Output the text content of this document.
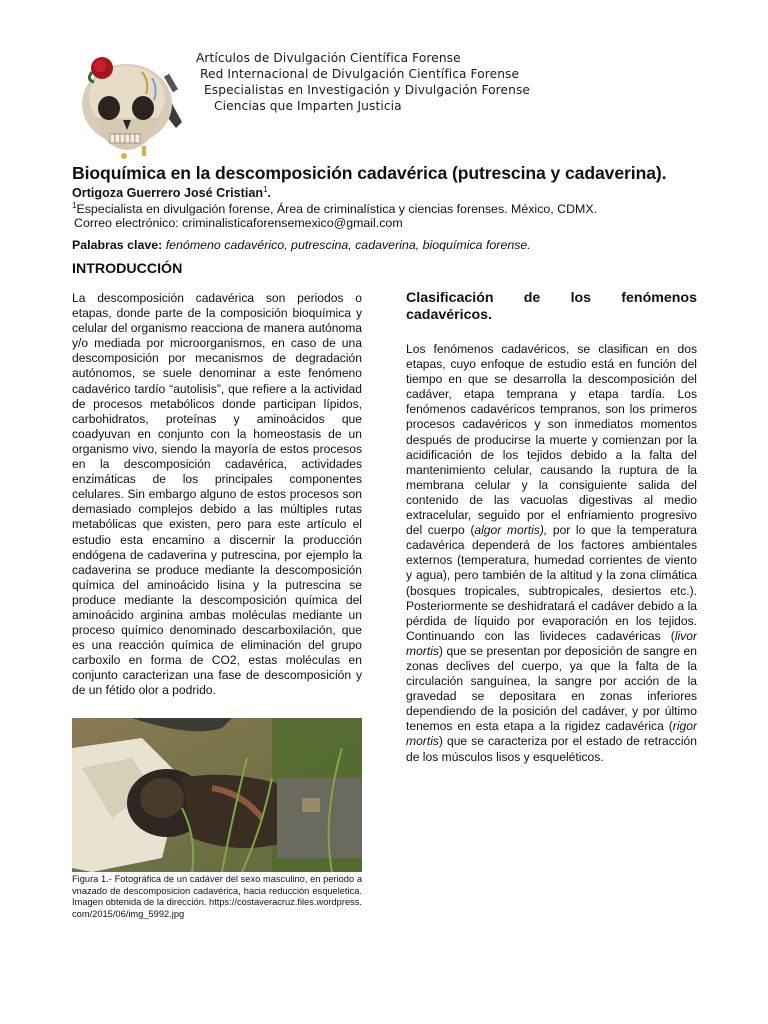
Artículos de Divulgación Científica Forense
Red Internacional de Divulgación Científica Forense
Especialistas en Investigación y Divulgación Forense
Ciencias que Imparten Justicia
Bioquímica en la descomposición cadavérica (putrescina y cadaverina).
Ortigoza Guerrero José Cristian$^1$.
$^1$Especialista en divulgación forense, Área de criminalística y ciencias forenses. México, CDMX.
Correo electrónico: criminalisticaforensemexico@gmail.com
Palabras clave: fenómeno cadavérico, putrescina, cadaverina, bioquímica forense.
INTRODUCCIÓN

La descomposición cadavérica son periodos o etapas, donde parte de la composición bioquímica y celular del organismo reacciona de manera autónoma y/o mediada por microorganismos, en caso de una descomposición por mecanismos de degradación autónomos, se suele denominar a este fenómeno cadavérico tardío “autolisis”, que refiere a la actividad de procesos metabólicos donde participan lípidos, carbohidratos, proteínas y aminoácidos que coadyuvan en conjunto con la homeostasis de un organismo vivo, siendo la mayoría de estos procesos en la descomposición cadavérica, actividades enzimáticas de los principales componentes celulares. Sin embargo alguno de estos procesos son demasiado complejos debido a las múltiples rutas metabólicas que existen, pero para este artículo el estudio esta encamino a discernir la producción endógena de cadaverina y putrescina, por ejemplo la cadaverina se produce mediante la descomposición química del aminoácido lisina y la putrescina se produce mediante la descomposición química del aminoácido arginina ambas moléculas mediante un proceso químico denominado descarboxilación, que es una reacción química de eliminación del grupo carboxilo en forma de CO2, estas moléculas en conjunto caracterizan una fase de descomposición y de un fétido olor a podrido.

Figura 1.- Fotográfica de un cadáver del sexo masculino, en periodo avnazado de descomposicion cadavérica, hacia reducción esqueletica. Imagen obtenida de la dirección. https://costaveracruz.files.wordpress.com/2015/06/img_5992.jpg
Clasificación de los fenómenos cadavéricos.

Los fenómenos cadavéricos, se clasifican en dos etapas, cuyo enfoque de estudio está en función del tiempo en que se desarrolla la descomposición del cadáver, etapa temprana y etapa tardía. Los fenómenos cadavéricos tempranos, son los primeros procesos cadavéricos y son inmediatos momentos después de producirse la muerte y comienzan por la acidificación de los tejidos debido a la falta del mantenimiento celular, causando la ruptura de la membrana celular y la consiguiente salida del contenido de las vacuolas digestivas al medio extracelular, seguido por el enfriamiento progresivo del cuerpo (algor mortis), por lo que la temperatura cadavérica dependerá de los factores ambientales externos (temperatura, humedad corrientes de viento y agua), pero también de la altitud y la zona climática (bosques tropicales, subtropicales, desiertos etc.). Posteriormente se deshidratará el cadáver debido a la pérdida de líquido por evaporación en los tejidos. Continuando con las livideces cadavéricas (livor mortis) que se presentan por deposición de sangre en zonas declives del cuerpo, ya que la falta de la circulación sanguínea, la sangre por acción de la gravedad se depositara en zonas inferiores dependiendo de la posición del cadáver, y por último tenemos en esta etapa a la rigidez cadavérica (rigor mortis) que se caracteriza por el estado de retracción de los músculos lisos y esqueléticos.
